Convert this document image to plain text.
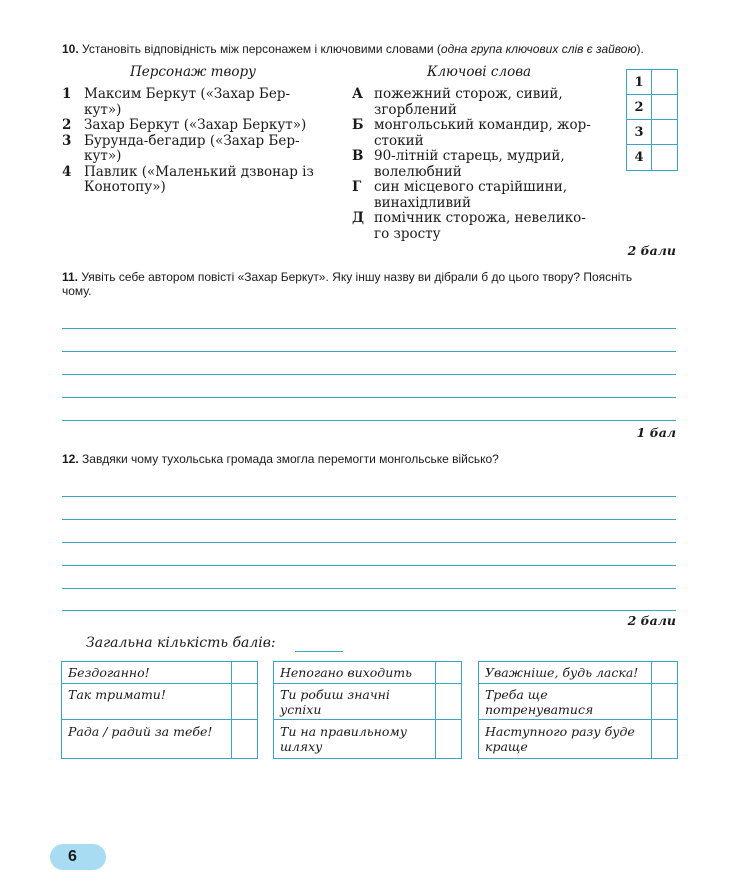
10. Установіть відповідність між персонажем і ключовими словами (одна група ключових слів є зайвою).
Персонаж твору	Ключові слова
1 Максим Беркут («Захар Бер-
кут»)
2 Захар Беркут («Захар Беркут»)
3 Бурунда-бегадир («Захар Бер-
кут»)
4 Павлик («Маленький дзвонар із
Конотопу»)
А пожежний сторож, сивий,
згорблений
Б монгольський командир, жор-
стокий
В 90-літній старець, мудрий,
волелюбний
Г син місцевого старійшини,
винахідливий
Д помічник сторожа, невелико-
го зросту
1
2
3
4
2 бали
11. Уявіть себе автором повісті «Захар Беркут». Яку іншу назву ви дібрали б до цього твору? Поясніть
чому.
1 бал
12. Завдяки чому тухольська громада змогла перемогти монгольське військо?
2 бали
Загальна кількість балів:
Бездоганно!
Так тримати!
Рада / радий за тебе!
Непогано виходить
Ти робиш значні успіхи
Ти на правильному шляху
Уважніше, будь ласка!
Треба ще потренуватися
Наступного разу буде краще
6
